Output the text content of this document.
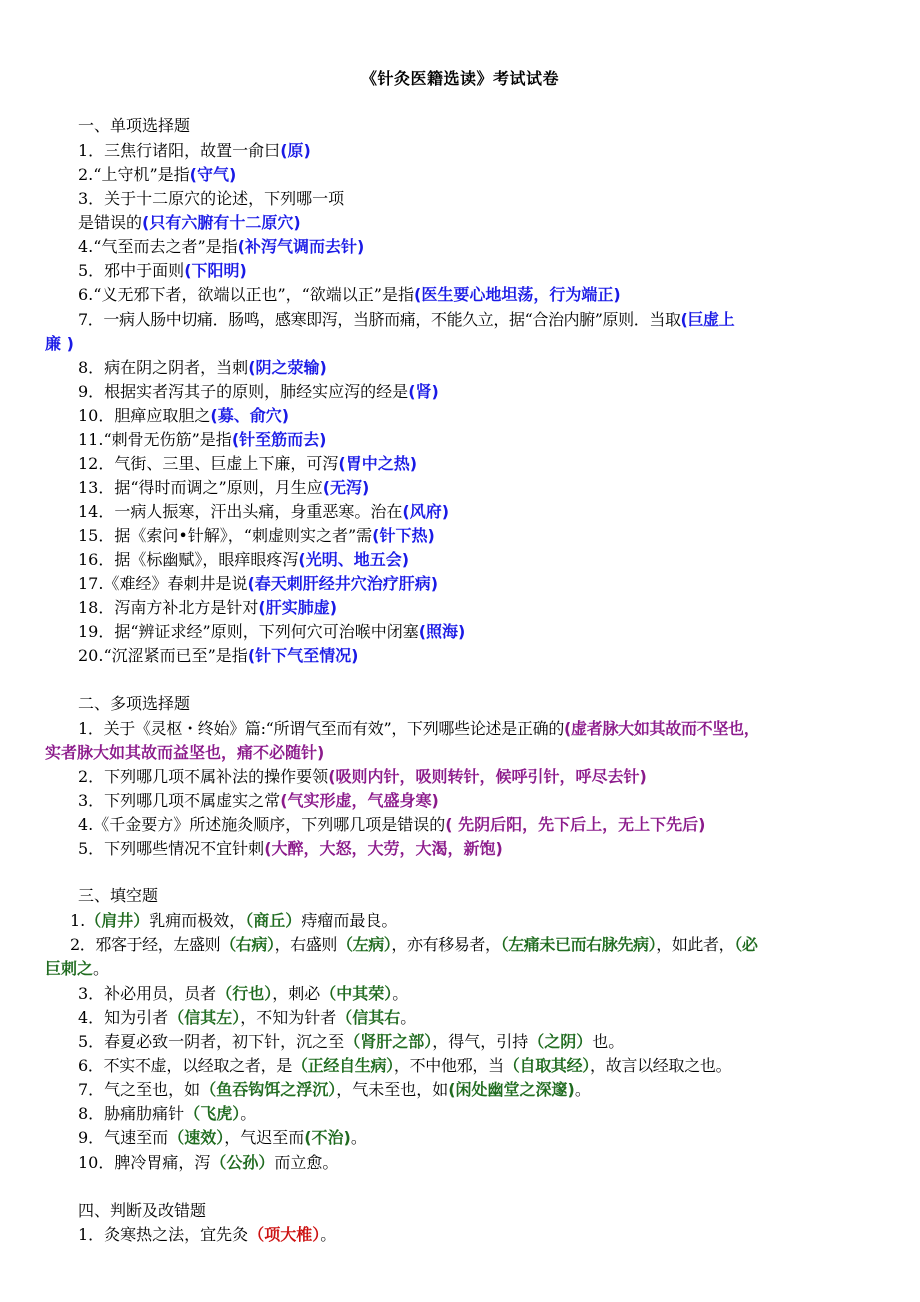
《针灸医籍选读》考试试卷
一、单项选择题
1．三焦行诸阳，故置一俞曰(原)
2.“上守机”是指(守气)
3．关于十二原穴的论述，下列哪一项
是错误的(只有六腑有十二原穴)
4.“气至而去之者”是指(补泻气调而去针)
5．邪中于面则(下阳明)
6.“义无邪下者，欲端以正也”，“欲端以正”是指(医生要心地坦荡，行为端正)
7．一病人肠中切痛．肠鸣，感寒即泻，当脐而痛，不能久立，据“合治内腑”原则．当取(巨虚上
廉 )
8．病在阴之阴者，当刺(阴之荥输)
9．根据实者泻其子的原则，肺经实应泻的经是(肾)
10．胆瘅应取胆之(募、俞穴)
11.“刺骨无伤筋”是指(针至筋而去)
12．气街、三里、巨虚上下廉，可泻(胃中之热)
13．据“得时而调之”原则，月生应(无泻)
14．一病人振寒，汗出头痛，身重恶寒。治在(风府)
15．据《索问•针解》，“刺虚则实之者”需(针下热)
16．据《标幽赋》，眼痒眼疼泻(光明、地五会)
17.《难经》春刺井是说(春天刺肝经井穴治疗肝病)
18．泻南方补北方是针对(肝实肺虚)
19．据“辨证求经”原则，下列何穴可治喉中闭塞(照海)
20.“沉涩紧而已至”是指(针下气至情况)
二、多项选择题
1．关于《灵枢・终始》篇:“所谓气至而有效”，下列哪些论述是正确的(虚者脉大如其故而不坚也，
实者脉大如其故而益坚也，痛不必随针)
2．下列哪几项不属补法的操作要领(吸则内针，吸则转针，候呼引针，呼尽去针)
3．下列哪几项不属虚实之常(气实形虚，气盛身寒)
4.《千金要方》所述施灸顺序，下列哪几项是错误的( 先阴后阳，先下后上，无上下先后)
5．下列哪些情况不宜针刺(大醉，大怒，大劳，大渴，新饱)
三、填空题
1.（肩井）乳痈而极效，（商丘）痔瘤而最良。
2．邪客于经，左盛则（右病），右盛则（左病），亦有移易者，（左痛未已而右脉先病），如此者，（必
巨刺之。
3．补必用员，员者（行也），刺必（中其荣）。
4．知为引者（信其左），不知为针者（信其右。
5．春夏必致一阴者，初下针，沉之至（肾肝之部），得气，引持（之阴）也。
6．不实不虚，以经取之者，是（正经自生病），不中他邪，当（自取其经），故言以经取之也。
7．气之至也，如（鱼吞钩饵之浮沉），气未至也，如(闲处幽堂之深邃)。
8．胁痛肋痛针（飞虎）。
9．气速至而（速效），气迟至而(不治)。
10．脾冷胃痛，泻（公孙）而立愈。
四、判断及改错题
1．灸寒热之法，宜先灸（项大椎）。
